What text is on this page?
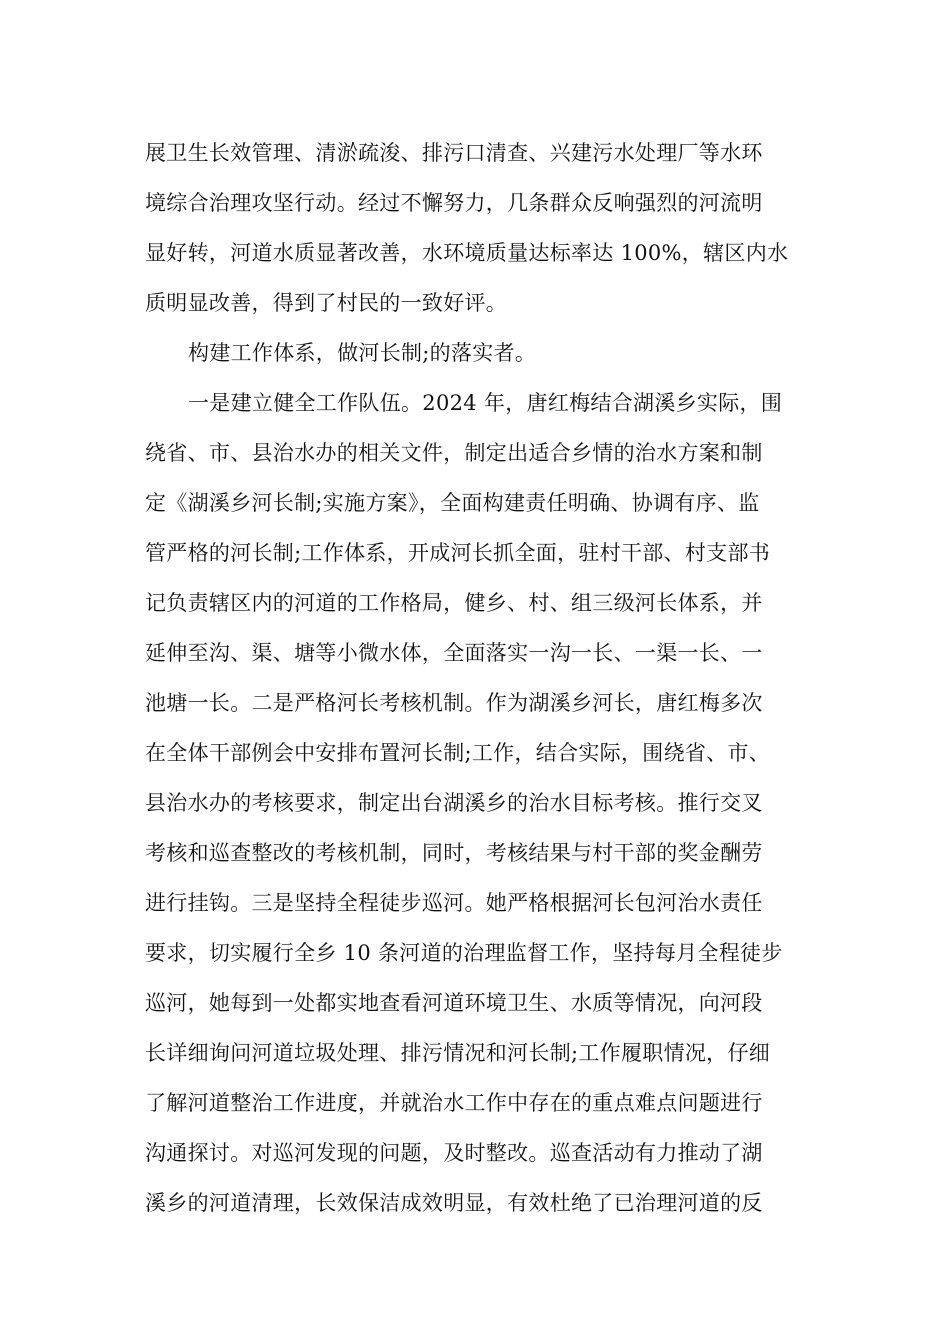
展卫生长效管理、清淤疏浚、排污口清查、兴建污水处理厂等水环
境综合治理攻坚行动。经过不懈努力，几条群众反响强烈的河流明
显好转，河道水质显著改善，水环境质量达标率达 100%，辖区内水
质明显改善，得到了村民的一致好评。
构建工作体系，做河长制;的落实者。
一是建立健全工作队伍。2024 年，唐红梅结合湖溪乡实际，围
绕省、市、县治水办的相关文件，制定出适合乡情的治水方案和制
定《湖溪乡河长制;实施方案》，全面构建责任明确、协调有序、监
管严格的河长制;工作体系，开成河长抓全面，驻村干部、村支部书
记负责辖区内的河道的工作格局，健乡、村、组三级河长体系，并
延伸至沟、渠、塘等小微水体，全面落实一沟一长、一渠一长、一
池塘一长。二是严格河长考核机制。作为湖溪乡河长，唐红梅多次
在全体干部例会中安排布置河长制;工作，结合实际，围绕省、市、
县治水办的考核要求，制定出台湖溪乡的治水目标考核。推行交叉
考核和巡查整改的考核机制，同时，考核结果与村干部的奖金酬劳
进行挂钩。三是坚持全程徒步巡河。她严格根据河长包河治水责任
要求，切实履行全乡 10 条河道的治理监督工作，坚持每月全程徒步
巡河，她每到一处都实地查看河道环境卫生、水质等情况，向河段
长详细询问河道垃圾处理、排污情况和河长制;工作履职情况，仔细
了解河道整治工作进度，并就治水工作中存在的重点难点问题进行
沟通探讨。对巡河发现的问题，及时整改。巡查活动有力推动了湖
溪乡的河道清理，长效保洁成效明显，有效杜绝了已治理河道的反
